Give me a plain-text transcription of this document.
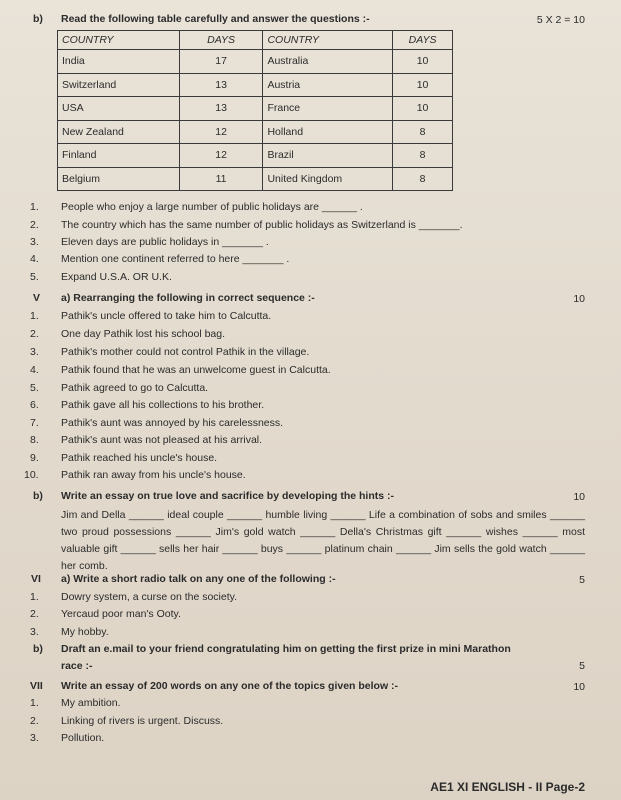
b) Read the following table carefully and answer the questions :-	5 X 2 = 10
COUNTRY	DAYS	COUNTRY	DAYS
India	17	Australia	10
Switzerland	13	Austria	10
USA	13	France	10
New Zealand	12	Holland	8
Finland	12	Brazil	8
Belgium	11	United Kingdom	8
1.	People who enjoy a large number of public holidays are ______ .
2.	The country which has the same number of public holidays as Switzerland is _______.
3.	Eleven days are public holidays in _______ .
4.	Mention one continent referred to here _______ .
5.	Expand U.S.A. OR U.K.
V a) Rearranging the following in correct sequence :-	10
1.	Pathik's uncle offered to take him to Calcutta.
2.	One day Pathik lost his school bag.
3.	Pathik's mother could not control Pathik in the village.
4.	Pathik found that he was an unwelcome guest in Calcutta.
5.	Pathik agreed to go to Calcutta.
6.	Pathik gave all his collections to his brother.
7.	Pathik's aunt was annoyed by his carelessness.
8.	Pathik's aunt was not pleased at his arrival.
9.	Pathik reached his uncle's house.
10.	Pathik ran away from his uncle's house.
b) Write an essay on true love and sacrifice by developing the hints :-	10
Jim and Della ______ ideal couple ______ humble living ______ Life a combination of sobs and smiles ______ two proud possessions ______ Jim's gold watch ______ Della's Christmas gift ______ wishes ______ most valuable gift ______ sells her hair ______ buys ______ platinum chain ______ Jim sells the gold watch ______ her comb.
VI a) Write a short radio talk on any one of the following :-	5
1.	Dowry system, a curse on the society.
2.	Yercaud poor man's Ooty.
3.	My hobby.
b) Draft an e.mail to your friend congratulating him on getting the first prize in mini Marathon
race :-	5
VII Write an essay of 200 words on any one of the topics given below :-	10
1.	My ambition.
2.	Linking of rivers is urgent. Discuss.
3.	Pollution.
AE1 XI ENGLISH - II Page-2
